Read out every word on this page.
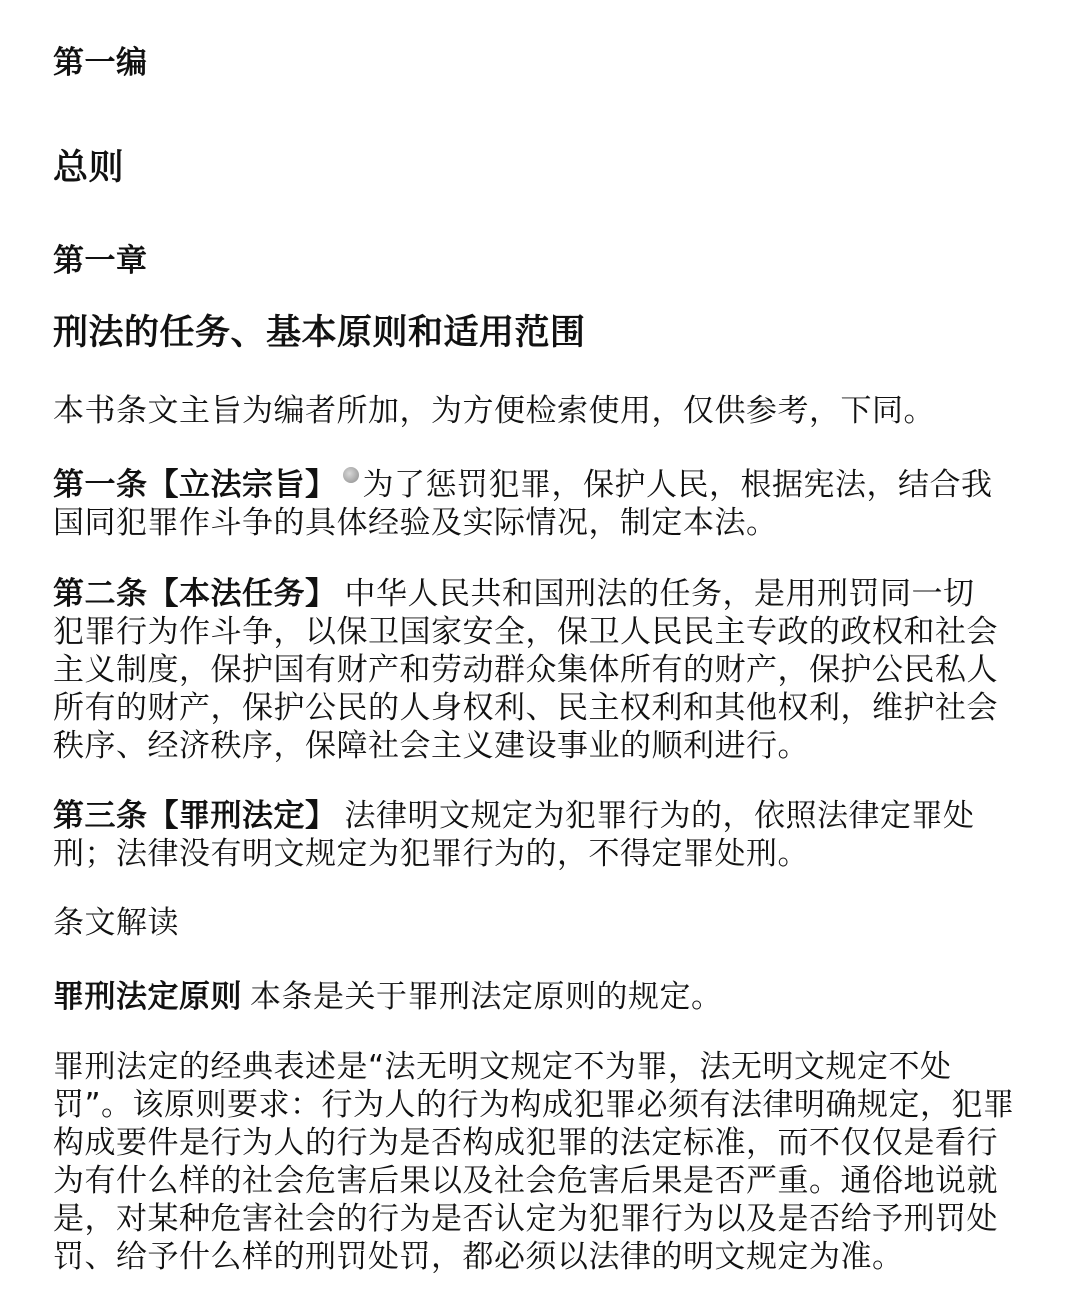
第一编
总则
第一章
刑法的任务、基本原则和适用范围
本书条文主旨为编者所加，为方便检索使用，仅供参考，下同。
第一条【立法宗旨】 为了惩罚犯罪，保护人民，根据宪法，结合我
国同犯罪作斗争的具体经验及实际情况，制定本法。
第二条【本法任务】 中华人民共和国刑法的任务，是用刑罚同一切
犯罪行为作斗争，以保卫国家安全，保卫人民民主专政的政权和社会
主义制度，保护国有财产和劳动群众集体所有的财产，保护公民私人
所有的财产，保护公民的人身权利、民主权利和其他权利，维护社会
秩序、经济秩序，保障社会主义建设事业的顺利进行。
第三条【罪刑法定】 法律明文规定为犯罪行为的，依照法律定罪处
刑；法律没有明文规定为犯罪行为的，不得定罪处刑。
条文解读
罪刑法定原则 本条是关于罪刑法定原则的规定。
罪刑法定的经典表述是“法无明文规定不为罪，法无明文规定不处
罚”。该原则要求：行为人的行为构成犯罪必须有法律明确规定，犯罪
构成要件是行为人的行为是否构成犯罪的法定标准，而不仅仅是看行
为有什么样的社会危害后果以及社会危害后果是否严重。通俗地说就
是，对某种危害社会的行为是否认定为犯罪行为以及是否给予刑罚处
罚、给予什么样的刑罚处罚，都必须以法律的明文规定为准。
